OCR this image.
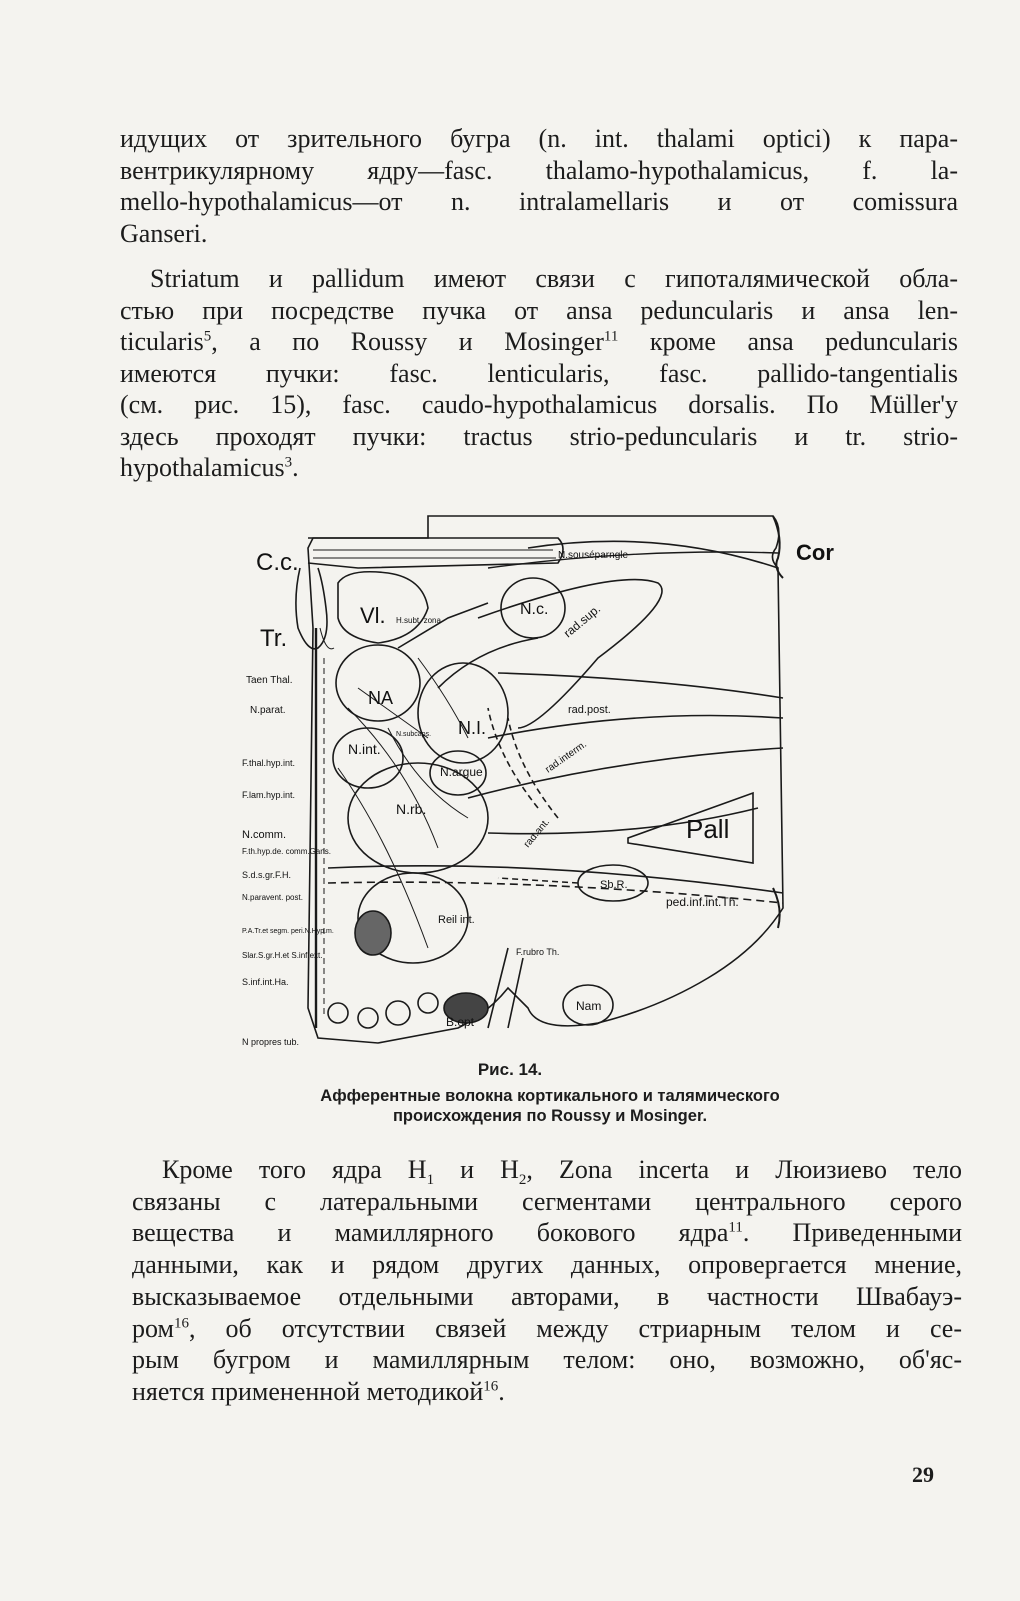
идущих от зрительного бугра (n. int. thalami optici) к пара-
вентрикулярному ядру—fasc. thalamo-hypothalamicus, f. la-
mello-hypothalamicus—от n. intralamellaris и от comissura
Ganseri.
Striatum и pallidum имеют связи с гипоталямической обла-
стью при посредстве пучка от ansa peduncularis и ansa len-
ticularis$^5$, а по Roussy и Mosinger$^{11}$ кроме ansa peduncularis
имеются пучки: fasc. lenticularis, fasc. pallido-tangentialis
(см. рис. 15), fasc. caudo-hypothalamicus dorsalis. По Müller'y
здесь проходят пучки: tractus strio-peduncularis и tr. strio-
hypothalamicus$^3$.
C.c.
Tr.
Cor
Vl. H.subt. zona
N.souséparngle
N.c. rad.sup.
Taen Thal.
N.parat.
NA
N.I.
N.subcaps.
rad.post.
F.thal.hyp.int.
N.int.	rad.interm.
N.argue
F.lam.hyp.int.
N.rb.
Pall
N.comm.
F.th.hyp.de. comm.Gans.
rad.ant.
S.d.s.gr.F.H.
Sb.R.
N.paravent. post.	ped.inf.int.Th.
P.A.Tr.et segm. peri.N.Hyp.m.
Reil int.
Slar.S.gr.H.et S.inf.ext.	F.rubro Th.
S.inf.int.Ha.
Nam
B.opt
N propres tub.
Рис. 14.
Афферентные волокна кортикального и талямического
происхождения по Roussy и Mosinger.
Кроме того ядра $H_1$ и $H_2$, Zona incerta и Люизиево тело
связаны с латеральными сегментами центрального серого
вещества и мамиллярного бокового ядра$^{11}$. Приведенными
данными, как и рядом других данных, опровергается мнение,
высказываемое отдельными авторами, в частности Швабауэ-
ром$^{16}$, об отсутствии связей между стриарным телом и се-
рым бугром и мамиллярным телом: оно, возможно, об'яс-
няется примененной методикой$^{16}$.
29
